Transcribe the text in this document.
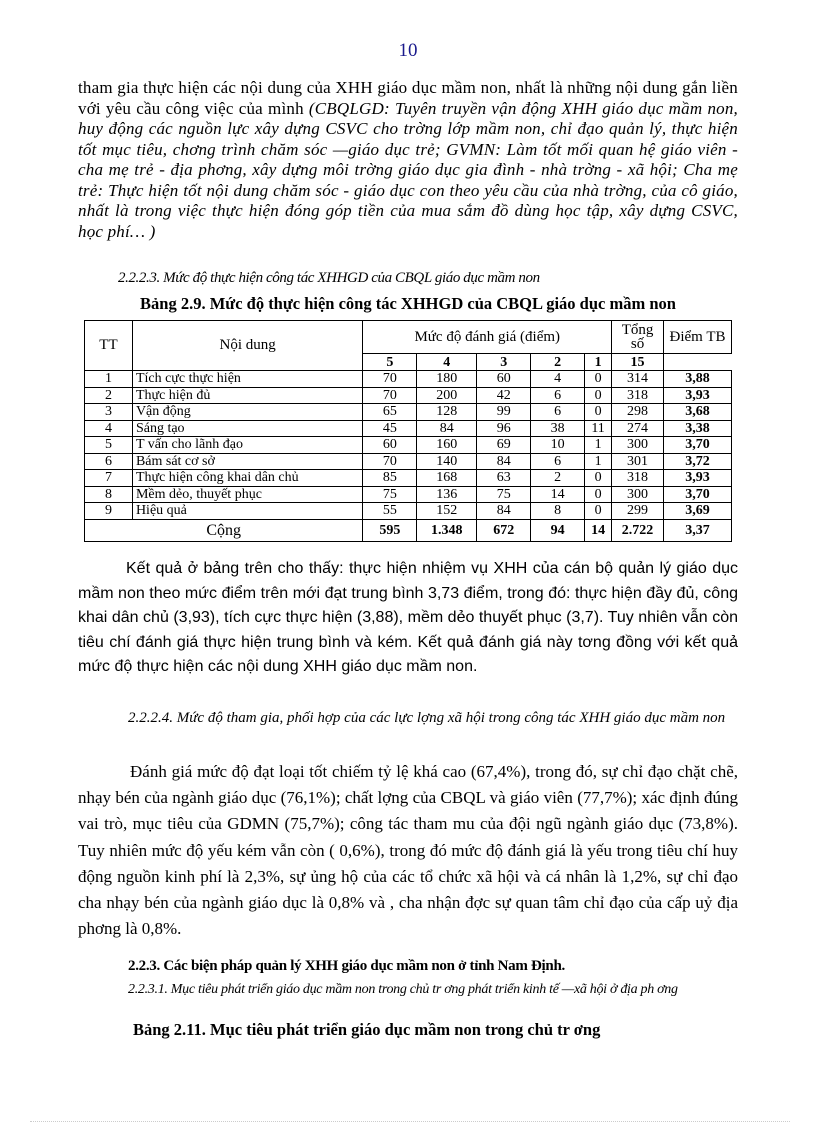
10
tham gia thực hiện các nội dung của XHH giáo dục mầm non, nhất là những nội dung gắn liền với yêu cầu công việc của mình (CBQLGD: Tuyên truyền vận động XHH giáo dục mầm non, huy động các nguồn lực xây dựng CSVC cho trờng lớp mầm non, chỉ đạo quản lý, thực hiện tốt mục tiêu, chơng trình chăm sóc —giáo dục trẻ; GVMN: Làm tốt mối quan hệ giáo viên - cha mẹ trẻ - địa phơng, xây dựng môi trờng giáo dục gia đình - nhà trờng - xã hội; Cha mẹ trẻ: Thực hiện tốt nội dung chăm sóc - giáo dục con theo yêu cầu của nhà trờng, của cô giáo, nhất là trong việc thực hiện đóng góp tiền của mua sắm đồ dùng học tập, xây dựng CSVC, học phí… )
2.2.2.3. Mức độ thực hiện công tác XHHGD của CBQL giáo dục mầm non
Bảng 2.9. Mức độ thực hiện công tác XHHGD của CBQL giáo dục mầm non
TT	Nội dung	Mức độ đánh giá (điểm)					Tổng số	Điểm TB
		5	4	3	2	1	15	
1	Tích cực thực hiện	70	180	60	4	0	314	3,88
2	Thực hiện đủ	70	200	42	6	0	318	3,93
3	Vận động	65	128	99	6	0	298	3,68
4	Sáng tạo	45	84	96	38	11	274	3,38
5	T vấn cho lãnh đạo	60	160	69	10	1	300	3,70
6	Bám sát cơ sở	70	140	84	6	1	301	3,72
7	Thực hiện công khai dân chủ	85	168	63	2	0	318	3,93
8	Mềm dẻo, thuyết phục	75	136	75	14	0	300	3,70
9	Hiệu quả	55	152	84	8	0	299	3,69
Cộng		595	1.348	672	94	14	2.722	3,37
Kết quả ở bảng trên cho thấy: thực hiện nhiệm vụ XHH của cán bộ quản lý giáo dục mầm non theo mức điểm trên mới đạt trung bình 3,73 điểm, trong đó: thực hiện đầy đủ, công khai dân chủ (3,93), tích cực thực hiện (3,88), mềm dẻo thuyết phục (3,7). Tuy nhiên vẫn còn tiêu chí đánh giá thực hiện trung bình và kém. Kết quả đánh giá này tơng đồng với kết quả mức độ thực hiện các nội dung XHH giáo dục mầm non.
2.2.2.4. Mức độ tham gia, phối hợp của các lực lợng xã hội trong công tác XHH giáo dục mầm non
Đánh giá mức độ đạt loại tốt chiếm tỷ lệ khá cao (67,4%), trong đó, sự chỉ đạo chặt chẽ, nhạy bén của ngành giáo dục (76,1%); chất lợng của CBQL và giáo viên (77,7%); xác định đúng vai trò, mục tiêu của GDMN (75,7%); công tác tham mu của đội ngũ ngành giáo dục (73,8%). Tuy nhiên mức độ yếu kém vẫn còn ( 0,6%), trong đó mức độ đánh giá là yếu trong tiêu chí huy động nguồn kinh phí là 2,3%, sự ủng hộ của các tổ chức xã hội và cá nhân là 1,2%, sự chỉ đạo cha nhạy bén của ngành giáo dục là 0,8% và , cha nhận đợc sự quan tâm chỉ đạo của cấp uỷ địa phơng là 0,8%.
2.2.3. Các biện pháp quản lý XHH giáo dục mầm non ở tỉnh Nam Định.
2.2.3.1. Mục tiêu phát triển giáo dục mầm non trong chủ tr ơng phát triển kinh tế —xã hội ở địa ph ơng
Bảng 2.11. Mục tiêu phát triển giáo dục mầm non trong chủ tr ơng
